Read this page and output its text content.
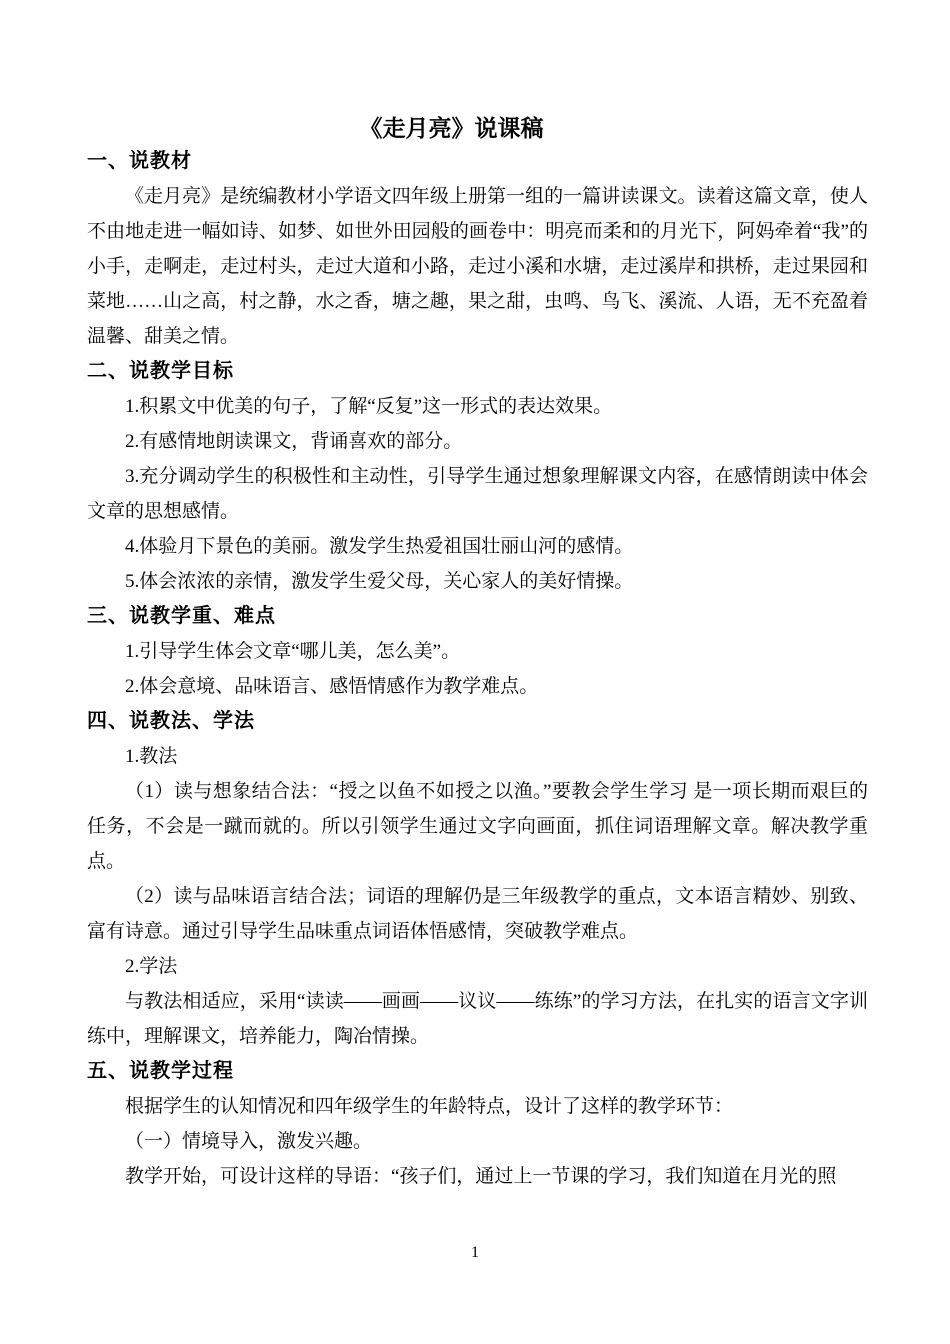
《走月亮》说课稿
一、说教材
《走月亮》是统编教材小学语文四年级上册第一组的一篇讲读课文。读着这篇文章，使人不由地走进一幅如诗、如梦、如世外田园般的画卷中：明亮而柔和的月光下，阿妈牵着“我”的小手，走啊走，走过村头，走过大道和小路，走过小溪和水塘，走过溪岸和拱桥，走过果园和菜地……山之高，村之静，水之香，塘之趣，果之甜，虫鸣、鸟飞、溪流、人语，无不充盈着温馨、甜美之情。
二、说教学目标
1.积累文中优美的句子，了解“反复”这一形式的表达效果。
2.有感情地朗读课文，背诵喜欢的部分。
3.充分调动学生的积极性和主动性，引导学生通过想象理解课文内容，在感情朗读中体会文章的思想感情。
4.体验月下景色的美丽。激发学生热爱祖国壮丽山河的感情。
5.体会浓浓的亲情，激发学生爱父母，关心家人的美好情操。
三、说教学重、难点
1.引导学生体会文章“哪儿美，怎么美”。
2.体会意境、品味语言、感悟情感作为教学难点。
四、说教法、学法
1.教法
（1）读与想象结合法：“授之以鱼不如授之以渔。”要教会学生学习 是一项长期而艰巨的任务，不会是一蹴而就的。所以引领学生通过文字向画面，抓住词语理解文章。解决教学重点。
（2）读与品味语言结合法；词语的理解仍是三年级教学的重点，文本语言精妙、别致、富有诗意。通过引导学生品味重点词语体悟感情，突破教学难点。
2.学法
与教法相适应，采用“读读——画画——议议——练练”的学习方法，在扎实的语言文字训练中，理解课文，培养能力，陶冶情操。
五、说教学过程
根据学生的认知情况和四年级学生的年龄特点，设计了这样的教学环节：
（一）情境导入，激发兴趣。
教学开始，可设计这样的导语：“孩子们，通过上一节课的学习，我们知道在月光的照
1
